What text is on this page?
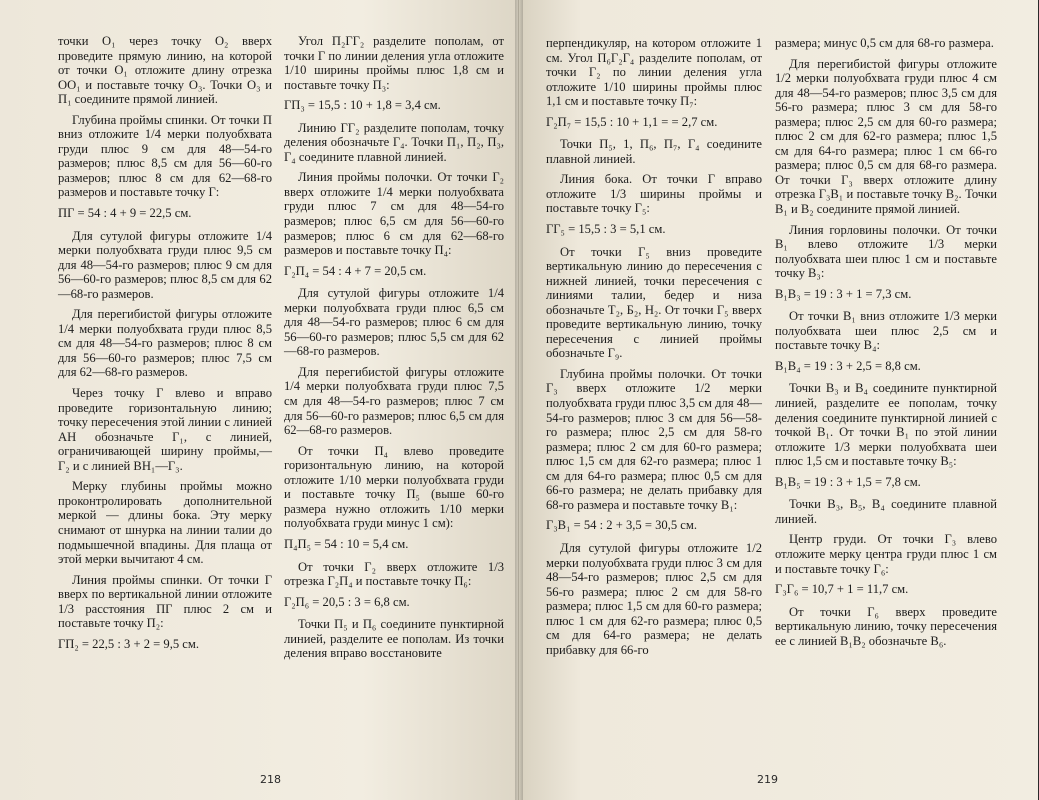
точки О₁ через точку О₂ вверх проведите прямую линию, на которой от точки О₁ отложите длину отрезка ОО₁ и поставьте точку О₃. Точки О₃ и П₁ соедините прямой линией.

Глубина проймы спинки. От точки П вниз отложите 1/4 мерки полуобхвата груди плюс 9 см для 48—54-го размеров; плюс 8,5 см для 56—60-го размеров; плюс 8 см для 62—68-го размеров и поставьте точку Г:

ПГ = 54 : 4 + 9 = 22,5 см.

Для сутулой фигуры отложите 1/4 мерки полуобхвата груди плюс 9,5 см для 48—54-го размеров; плюс 9 см для 56—60-го размеров; плюс 8,5 см для 62—68-го размеров.

Для перегибистой фигуры отложите 1/4 мерки полуобхвата груди плюс 8,5 см для 48—54-го размеров; плюс 8 см для 56—60-го размеров; плюс 7,5 см для 62—68-го размеров.

Через точку Г влево и вправо проведите горизонтальную линию; точку пересечения этой линии с линией АН обозначьте Г₁, с линией, ограничивающей ширину проймы,— Г₂ и с линией ВН₁—Г₃.

Мерку глубины проймы можно проконтролировать дополнительной меркой — длины бока. Эту мерку снимают от шнурка на линии талии до подмышечной впадины. Для плаща от этой мерки вычитают 4 см.

Линия проймы спинки. От точки Г вверх по вертикальной линии отложите 1/3 расстояния ПГ плюс 2 см и поставьте точку П₂:

ГП₂ = 22,5 : 3 + 2 = 9,5 см.

Угол П₂ГГ₂ разделите пополам, от точки Г по линии деления угла отложите 1/10 ширины проймы плюс 1,8 см и поставьте точку П₃:

ГП₃ = 15,5 : 10 + 1,8 = 3,4 см.

Линию ГГ₂ разделите пополам, точку деления обозначьте Г₄. Точки П₁, П₂, П₃, Г₄ соедините плавной линией.

Линия проймы полочки. От точки Г₂ вверх отложите 1/4 мерки полуобхвата груди плюс 7 см для 48—54-го размеров; плюс 6,5 см для 56—60-го размеров; плюс 6 см для 62—68-го размеров и поставьте точку П₄:

Г₂П₄ = 54 : 4 + 7 = 20,5 см.

Для сутулой фигуры отложите 1/4 мерки полуобхвата груди плюс 6,5 см для 48—54-го размеров; плюс 6 см для 56—60-го размеров; плюс 5,5 см для 62—68-го размеров.

Для перегибистой фигуры отложите 1/4 мерки полуобхвата груди плюс 7,5 см для 48—54-го размеров; плюс 7 см для 56—60-го размеров; плюс 6,5 см для 62—68-го размеров.

От точки П₄ влево проведите горизонтальную линию, на которой отложите 1/10 мерки полуобхвата груди и поставьте точку П₅ (выше 60-го размера нужно отложить 1/10 мерки полуобхвата груди минус 1 см):

П₄П₅ = 54 : 10 = 5,4 см.

От точки Г₂ вверх отложите 1/3 отрезка Г₂П₄ и поставьте точку П₆:

Г₂П₆ = 20,5 : 3 = 6,8 см.

Точки П₅ и П₆ соедините пунктирной линией, разделите ее пополам. Из точки деления вправо восстановите

218

перпендикуляр, на котором отложите 1 см. Угол П₆Г₂Г₄ разделите пополам, от точки Г₂ по линии деления угла отложите 1/10 ширины проймы плюс 1,1 см и поставьте точку П₇:

Г₂П₇ = 15,5 : 10 + 1,1 = = 2,7 см.

Точки П₅, 1, П₆, П₇, Г₄ соедините плавной линией.

Линия бока. От точки Г вправо отложите 1/3 ширины проймы и поставьте точку Г₅:

ГГ₅ = 15,5 : 3 = 5,1 см.

От точки Г₅ вниз проведите вертикальную линию до пересечения с нижней линией, точки пересечения с линиями талии, бедер и низа обозначьте Т₂, Б₂, Н₂. От точки Г₅ вверх проведите вертикальную линию, точку пересечения с линией проймы обозначьте Г₉.

Глубина проймы полочки. От точки Г₃ вверх отложите 1/2 мерки полуобхвата груди плюс 3,5 см для 48—54-го размеров; плюс 3 см для 56—58-го размера; плюс 2,5 см для 58-го размера; плюс 2 см для 60-го размера; плюс 1,5 см для 62-го размера; плюс 1 см для 64-го размера; плюс 0,5 см для 66-го размера; не делать прибавку для 68-го размера и поставьте точку В₁:

Г₃В₁ = 54 : 2 + 3,5 = 30,5 см.

Для сутулой фигуры отложите 1/2 мерки полуобхвата груди плюс 3 см для 48—54-го размеров; плюс 2,5 см для 56-го размера; плюс 2 см для 58-го размера; плюс 1,5 см для 60-го размера; плюс 1 см для 62-го размера; плюс 0,5 см для 64-го размера; не делать прибавку для 66-го

размера; минус 0,5 см для 68-го размера.

Для перегибистой фигуры отложите 1/2 мерки полуобхвата груди плюс 4 см для 48—54-го размеров; плюс 3,5 см для 56-го размера; плюс 3 см для 58-го размера; плюс 2,5 см для 60-го размера; плюс 2 см для 62-го размера; плюс 1,5 см для 64-го размера; плюс 1 см 66-го размера; плюс 0,5 см для 68-го размера. От точки Г₃ вверх отложите длину отрезка Г₃В₁ и поставьте точку В₂. Точки В₁ и В₂ соедините прямой линией.

Линия горловины полочки. От точки В₁ влево отложите 1/3 мерки полуобхвата шеи плюс 1 см и поставьте точку В₃:

В₁В₃ = 19 : 3 + 1 = 7,3 см.

От точки В₁ вниз отложите 1/3 мерки полуобхвата шеи плюс 2,5 см и поставьте точку В₄:

В₁В₄ = 19 : 3 + 2,5 = 8,8 см.

Точки В₃ и В₄ соедините пунктирной линией, разделите ее пополам, точку деления соедините пунктирной линией с точкой В₁. От точки В₁ по этой линии отложите 1/3 мерки полуобхвата шеи плюс 1,5 см и поставьте точку В₅:

В₁В₅ = 19 : 3 + 1,5 = 7,8 см.

Точки В₃, В₅, В₄ соедините плавной линией.

Центр груди. От точки Г₃ влево отложите мерку центра груди плюс 1 см и поставьте точку Г₆:

Г₃Г₆ = 10,7 + 1 = 11,7 см.

От точки Г₆ вверх проведите вертикальную линию, точку пересечения ее с линией В₁В₂ обозначьте В₆.

219
